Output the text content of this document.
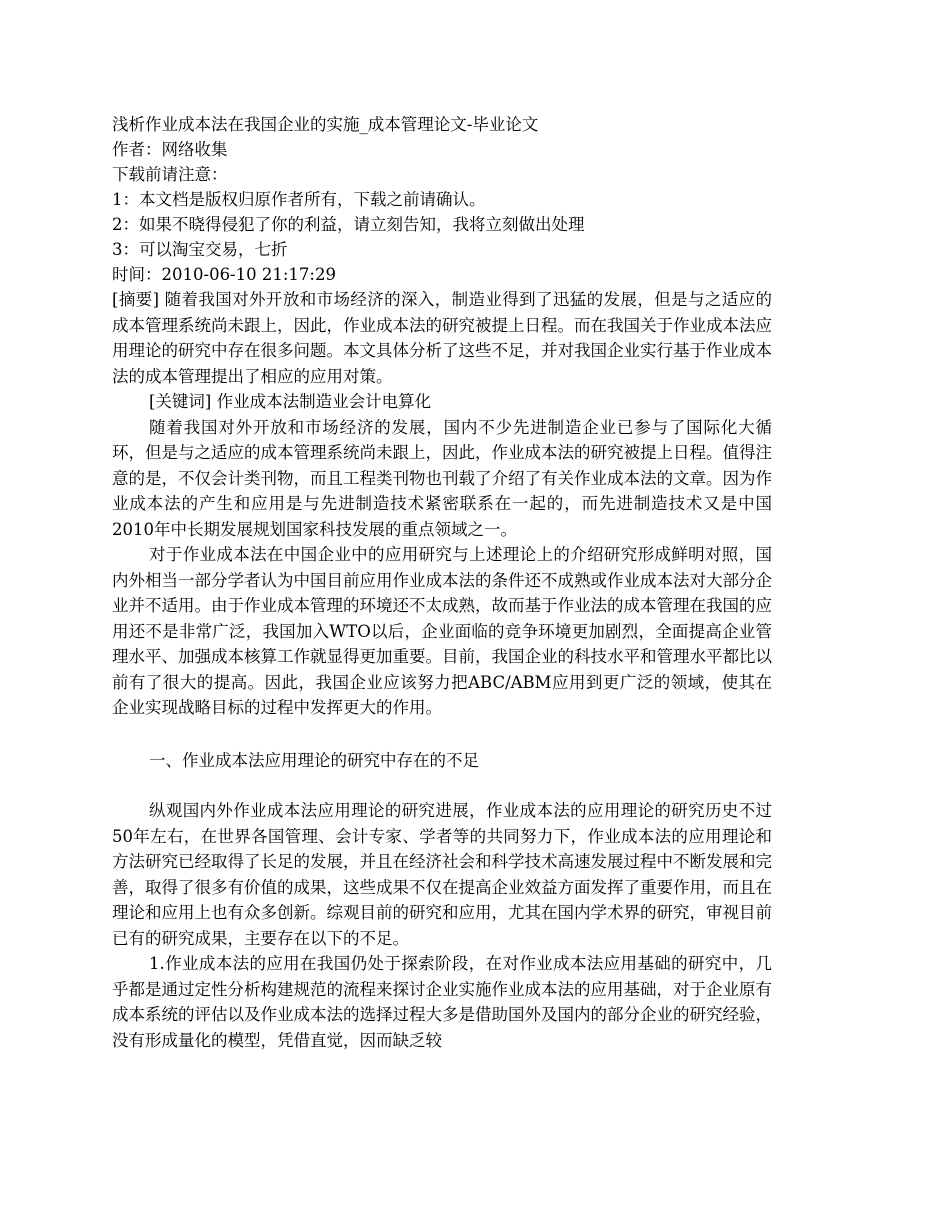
浅析作业成本法在我国企业的实施_成本管理论文-毕业论文
作者：网络收集
下载前请注意：
1：本文档是版权归原作者所有，下载之前请确认。
2：如果不晓得侵犯了你的利益，请立刻告知，我将立刻做出处理
3：可以淘宝交易，七折
时间：2010-06-10 21:17:29
[摘要] 随着我国对外开放和市场经济的深入，制造业得到了迅猛的发展，但是与之适应的成本管理系统尚未跟上，因此，作业成本法的研究被提上日程。而在我国关于作业成本法应用理论的研究中存在很多问题。本文具体分析了这些不足，并对我国企业实行基于作业成本法的成本管理提出了相应的应用对策。
[关键词] 作业成本法制造业会计电算化
随着我国对外开放和市场经济的发展，国内不少先进制造企业已参与了国际化大循环，但是与之适应的成本管理系统尚未跟上，因此，作业成本法的研究被提上日程。值得注意的是，不仅会计类刊物，而且工程类刊物也刊载了介绍了有关作业成本法的文章。因为作业成本法的产生和应用是与先进制造技术紧密联系在一起的，而先进制造技术又是中国2010年中长期发展规划国家科技发展的重点领域之一。
对于作业成本法在中国企业中的应用研究与上述理论上的介绍研究形成鲜明对照，国内外相当一部分学者认为中国目前应用作业成本法的条件还不成熟或作业成本法对大部分企业并不适用。由于作业成本管理的环境还不太成熟，故而基于作业法的成本管理在我国的应用还不是非常广泛，我国加入WTO以后，企业面临的竞争环境更加剧烈，全面提高企业管理水平、加强成本核算工作就显得更加重要。目前，我国企业的科技水平和管理水平都比以前有了很大的提高。因此，我国企业应该努力把ABC/ABM应用到更广泛的领域，使其在企业实现战略目标的过程中发挥更大的作用。
一、作业成本法应用理论的研究中存在的不足
纵观国内外作业成本法应用理论的研究进展，作业成本法的应用理论的研究历史不过50年左右，在世界各国管理、会计专家、学者等的共同努力下，作业成本法的应用理论和方法研究已经取得了长足的发展，并且在经济社会和科学技术高速发展过程中不断发展和完善，取得了很多有价值的成果，这些成果不仅在提高企业效益方面发挥了重要作用，而且在理论和应用上也有众多创新。综观目前的研究和应用，尤其在国内学术界的研究，审视目前已有的研究成果，主要存在以下的不足。
1.作业成本法的应用在我国仍处于探索阶段，在对作业成本法应用基础的研究中，几乎都是通过定性分析构建规范的流程来探讨企业实施作业成本法的应用基础，对于企业原有成本系统的评估以及作业成本法的选择过程大多是借助国外及国内的部分企业的研究经验，没有形成量化的模型，凭借直觉，因而缺乏较
